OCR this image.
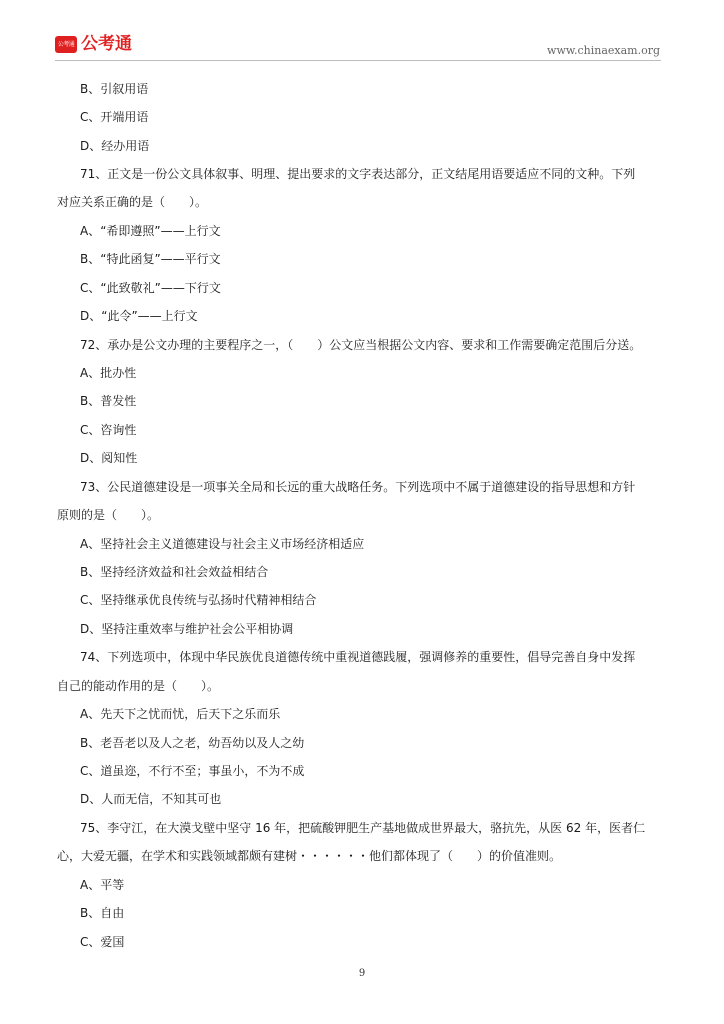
公考通 公考通	www.chinaexam.org
B、引叙用语
C、开端用语
D、经办用语
71、正文是一份公文具体叙事、明理、提出要求的文字表达部分，正文结尾用语要适应不同的文种。下列
对应关系正确的是（　　）。
A、“希即遵照”——上行文
B、“特此函复”——平行文
C、“此致敬礼”——下行文
D、“此令”——上行文
72、承办是公文办理的主要程序之一，（　　）公文应当根据公文内容、要求和工作需要确定范围后分送。
A、批办性
B、普发性
C、咨询性
D、阅知性
73、公民道德建设是一项事关全局和长远的重大战略任务。下列选项中不属于道德建设的指导思想和方针
原则的是（　　）。
A、坚持社会主义道德建设与社会主义市场经济相适应
B、坚持经济效益和社会效益相结合
C、坚持继承优良传统与弘扬时代精神相结合
D、坚持注重效率与维护社会公平相协调
74、下列选项中，体现中华民族优良道德传统中重视道德践履，强调修养的重要性，倡导完善自身中发挥
自己的能动作用的是（　　）。
A、先天下之忧而忧，后天下之乐而乐
B、老吾老以及人之老，幼吾幼以及人之幼
C、道虽迩，不行不至；事虽小，不为不成
D、人而无信，不知其可也
75、李守江，在大漠戈壁中坚守 16 年，把硫酸钾肥生产基地做成世界最大，骆抗先，从医 62 年，医者仁
心，大爱无疆，在学术和实践领域都颇有建树・・・・・・他们都体现了（　　）的价值准则。
A、平等
B、自由
C、爱国
9
